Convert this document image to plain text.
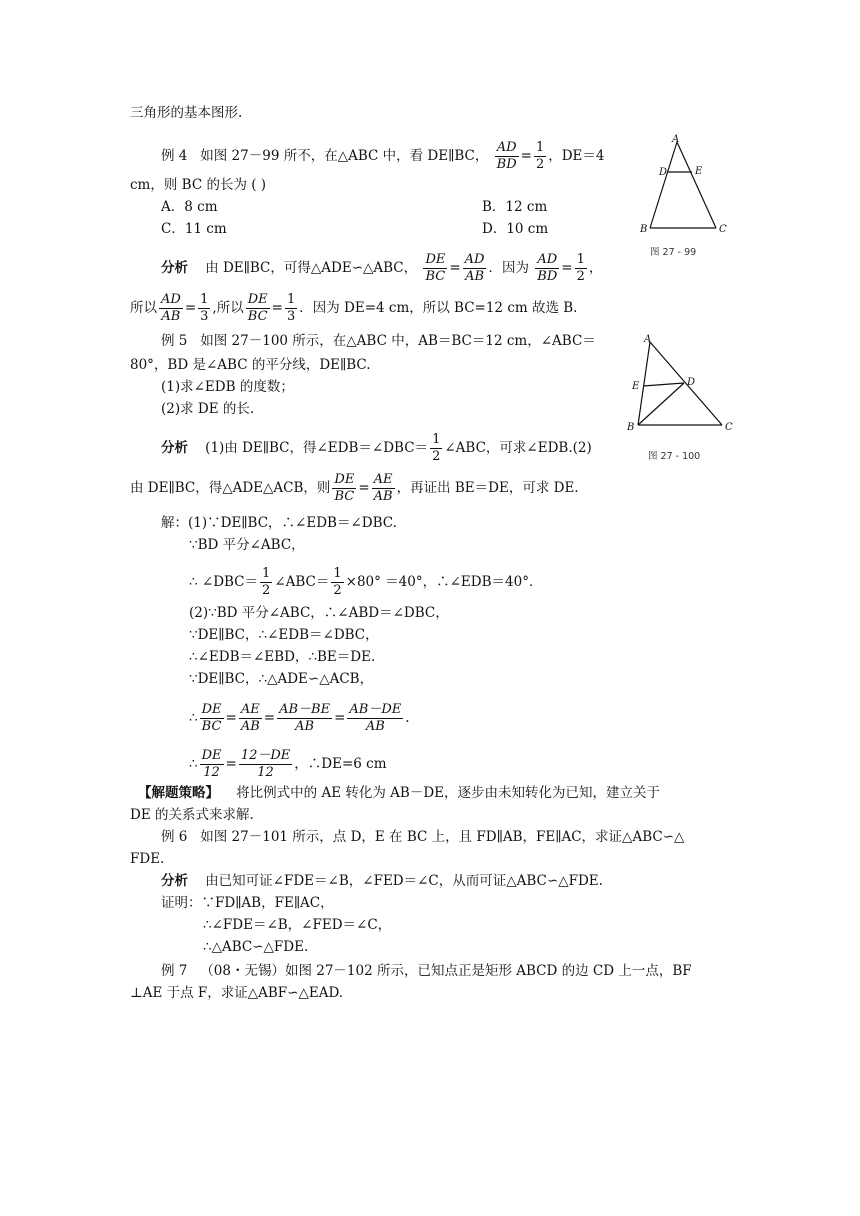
三角形的基本图形.
例 4 如图 27－99 所不，在△ABC 中，看 DE∥BC， $\frac{AD}{BD} = \frac{1}{2}$ ，DE＝4
cm，则 BC 的长为 ( )
A．8 cm	B．12 cm
C．11 cm	D．10 cm
分析 由 DE∥BC，可得△ADE∽△ABC， $\frac{DE}{BC} = \frac{AD}{AB}$ ．因为 $\frac{AD}{BD} = \frac{1}{2}$ ，
所以 $\frac{AD}{AB} = \frac{1}{3}$ ,所以 $\frac{DE}{BC} = \frac{1}{3}$ ．因为 DE=4 cm，所以 BC=12 cm 故选 B.
A
D	E
B	C
图 27 - 99
例 5 如图 27－100 所示，在△ABC 中，AB＝BC＝12 cm，∠ABC＝
80°，BD 是∠ABC 的平分线，DE∥BC.
(1)求∠EDB 的度数；
(2)求 DE 的长.
分析 (1)由 DE∥BC，得∠EDB＝∠DBC＝ $\frac{1}{2}$ ∠ABC，可求∠EDB.(2)
由 DE∥BC，得△ADE△ACB，则 $\frac{DE}{BC} = \frac{AE}{AB}$ ，再证出 BE＝DE，可求 DE.
解：(1)∵DE∥BC，∴∠EDB＝∠DBC.
∵BD 平分∠ABC，
∴ ∠DBC＝ $\frac{1}{2}$ ∠ABC＝ $\frac{1}{2} \times 80^\circ =40^\circ$，∴∠EDB＝40°．
(2)∵BD 平分∠ABC，∴∠ABD＝∠DBC，
∵DE∥BC，∴∠EDB＝∠DBC，
∴∠EDB＝∠EBD，∴BE＝DE.
∵DE∥BC，∴△ADE∽△ACB，
∴ $\frac{DE}{BC} = \frac{AE}{AB} = \frac{AB-BE}{AB} = \frac{AB-DE}{AB}$ .
∴ $\frac{DE}{12} = \frac{12-DE}{12}$ ，∴DE=6 cm
A
E	D
B	C
图 27 - 100
【解题策略】 将比例式中的 AE 转化为 AB－DE，逐步由未知转化为已知，建立关于
DE 的关系式来求解.
例 6 如图 27－101 所示，点 D，E 在 BC 上，且 FD∥AB，FE∥AC，求证△ABC∽△
FDE.
分析 由已知可证∠FDE＝∠B，∠FED＝∠C，从而可证△ABC∽△FDE.
证明：∵FD∥AB，FE∥AC，
∴∠FDE＝∠B，∠FED＝∠C，
∴△ABC∽△FDE.
例 7 （08・无锡）如图 27－102 所示，已知点正是矩形 ABCD 的边 CD 上一点，BF
⊥AE 于点 F，求证△ABF∽△EAD.
